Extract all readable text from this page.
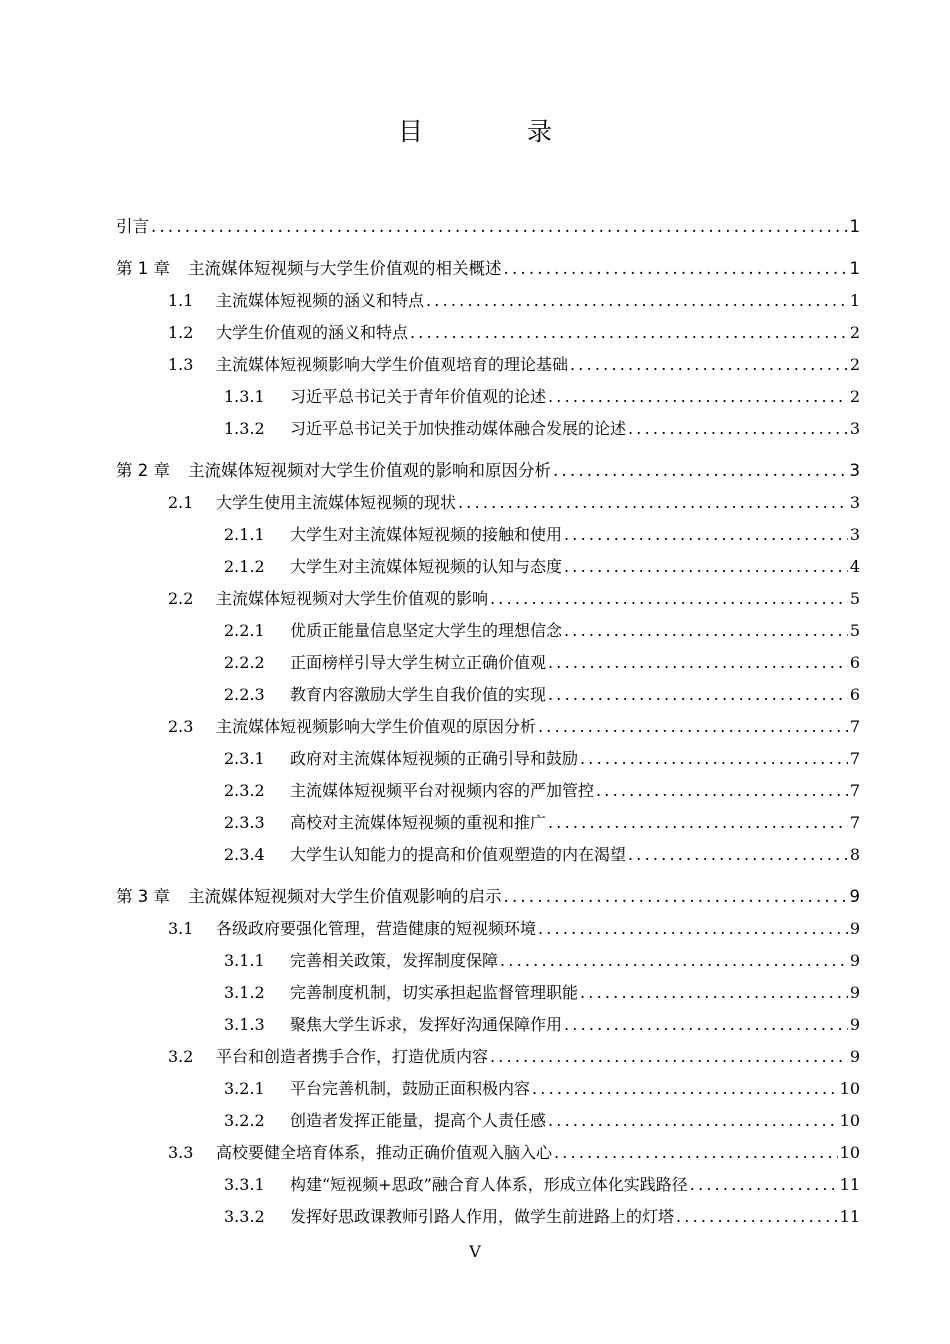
目 录
引言 .....	1
第 1 章	主流媒体短视频与大学生价值观的相关概述 .....	1
1.1	主流媒体短视频的涵义和特点 .....	1
1.2	大学生价值观的涵义和特点 .....	2
1.3	主流媒体短视频影响大学生价值观培育的理论基础 .....	2
1.3.1	习近平总书记关于青年价值观的论述 .....	2
1.3.2	习近平总书记关于加快推动媒体融合发展的论述 .....	3
第 2 章	主流媒体短视频对大学生价值观的影响和原因分析 .....	3
2.1	大学生使用主流媒体短视频的现状 .....	3
2.1.1	大学生对主流媒体短视频的接触和使用 .....	3
2.1.2	大学生对主流媒体短视频的认知与态度 .....	4
2.2	主流媒体短视频对大学生价值观的影响 .....	5
2.2.1	优质正能量信息坚定大学生的理想信念 .....	5
2.2.2	正面榜样引导大学生树立正确价值观 .....	6
2.2.3	教育内容激励大学生自我价值的实现 .....	6
2.3	主流媒体短视频影响大学生价值观的原因分析 .....	7
2.3.1	政府对主流媒体短视频的正确引导和鼓励 .....	7
2.3.2	主流媒体短视频平台对视频内容的严加管控 .....	7
2.3.3	高校对主流媒体短视频的重视和推广 .....	7
2.3.4	大学生认知能力的提高和价值观塑造的内在渴望 .....	8
第 3 章	主流媒体短视频对大学生价值观影响的启示 .....	9
3.1	各级政府要强化管理，营造健康的短视频环境 .....	9
3.1.1	完善相关政策，发挥制度保障 .....	9
3.1.2	完善制度机制，切实承担起监督管理职能 .....	9
3.1.3	聚焦大学生诉求，发挥好沟通保障作用 .....	9
3.2	平台和创造者携手合作，打造优质内容 .....	9
3.2.1	平台完善机制，鼓励正面积极内容 .....	10
3.2.2	创造者发挥正能量，提高个人责任感 .....	10
3.3	高校要健全培育体系，推动正确价值观入脑入心 .....	10
3.3.1	构建“短视频+思政”融合育人体系，形成立体化实践路径 .....	11
3.3.2	发挥好思政课教师引路人作用，做学生前进路上的灯塔 .....	11
V
